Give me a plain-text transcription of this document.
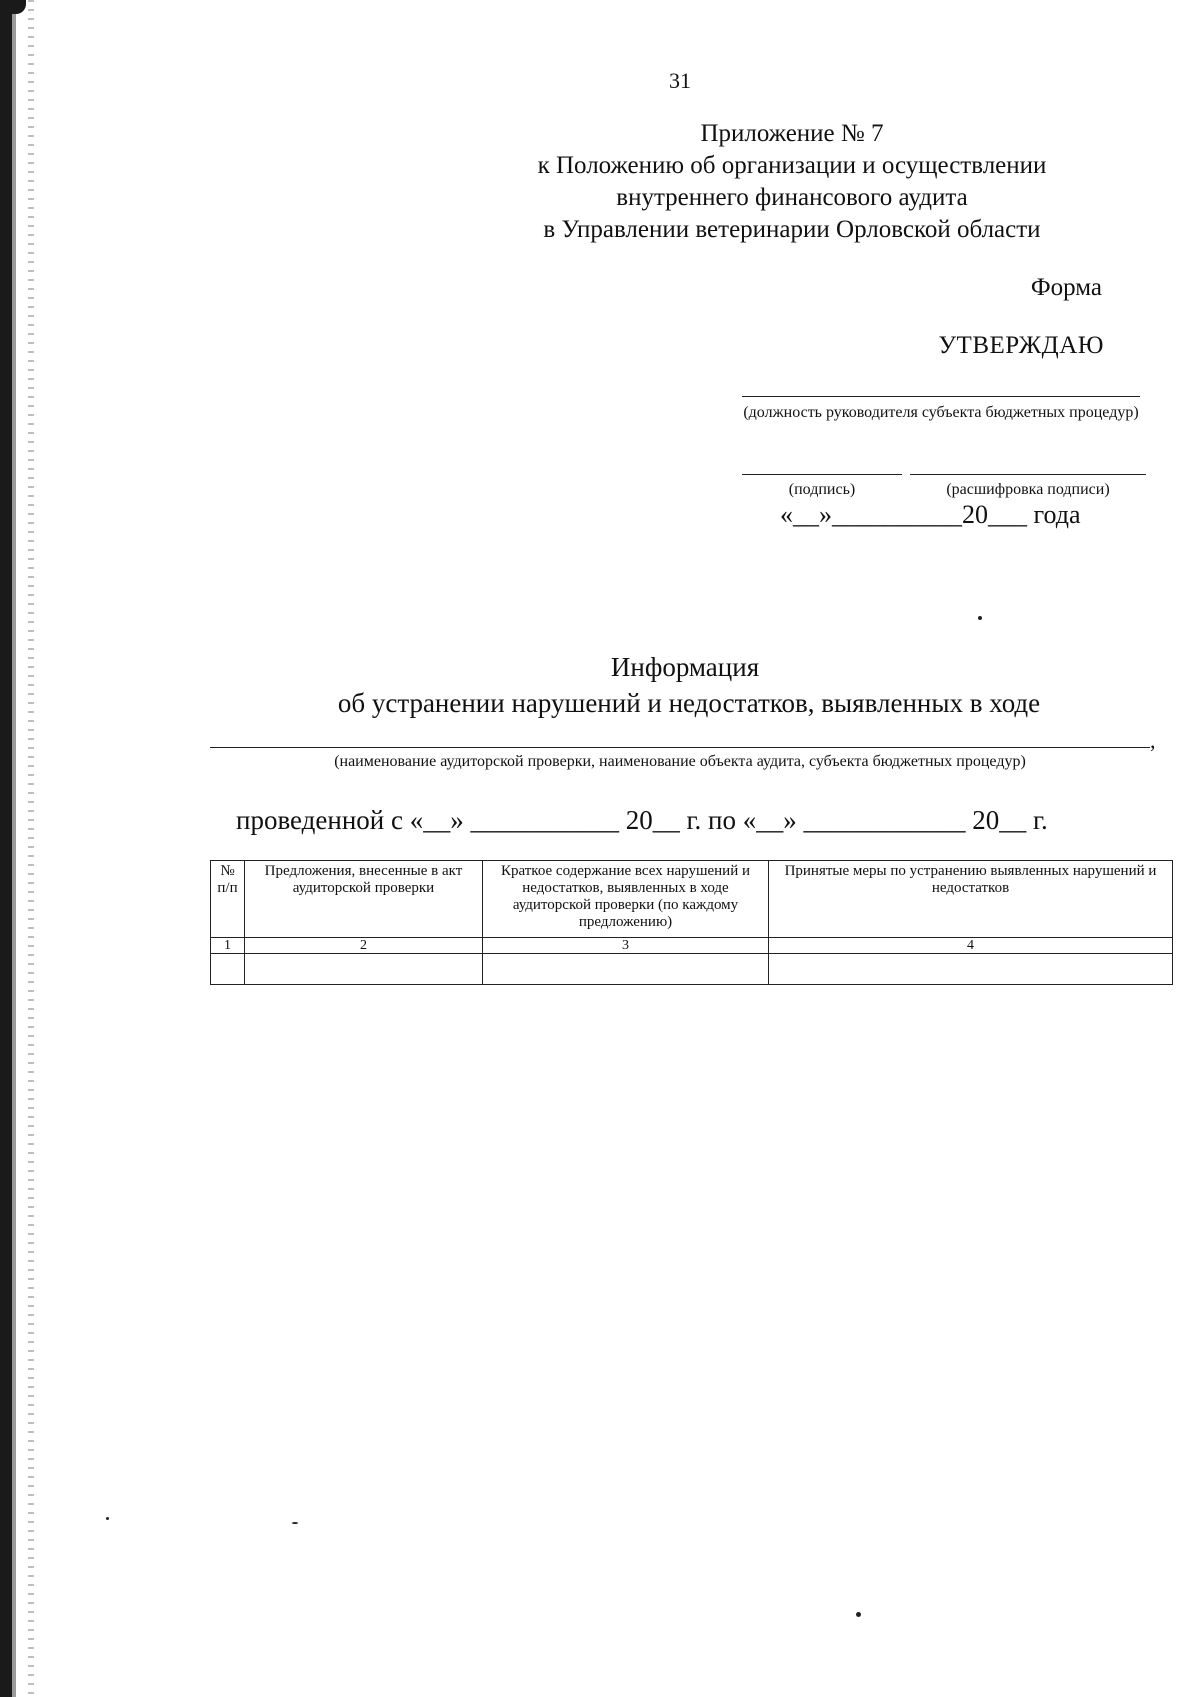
31
Приложение № 7
к Положению об организации и осуществлении
внутреннего финансового аудита
в Управлении ветеринарии Орловской области
Форма
УТВЕРЖДАЮ
(должность руководителя субъекта бюджетных процедур)
(подпись)	(расшифровка подписи)
«__»__________20___ года
Информация
об устранении нарушений и недостатков, выявленных в ходе
,
(наименование аудиторской проверки, наименование объекта аудита, субъекта бюджетных процедур)
проведенной с «__» ___________ 20__ г. по «__» ____________ 20__ г.
№ п/п	Предложения, внесенные в акт аудиторской проверки	Краткое содержание всех нарушений и недостатков, выявленных в ходе аудиторской проверки (по каждому предложению)	Принятые меры по устранению выявленных нарушений и недостатков
1	2	3	4
